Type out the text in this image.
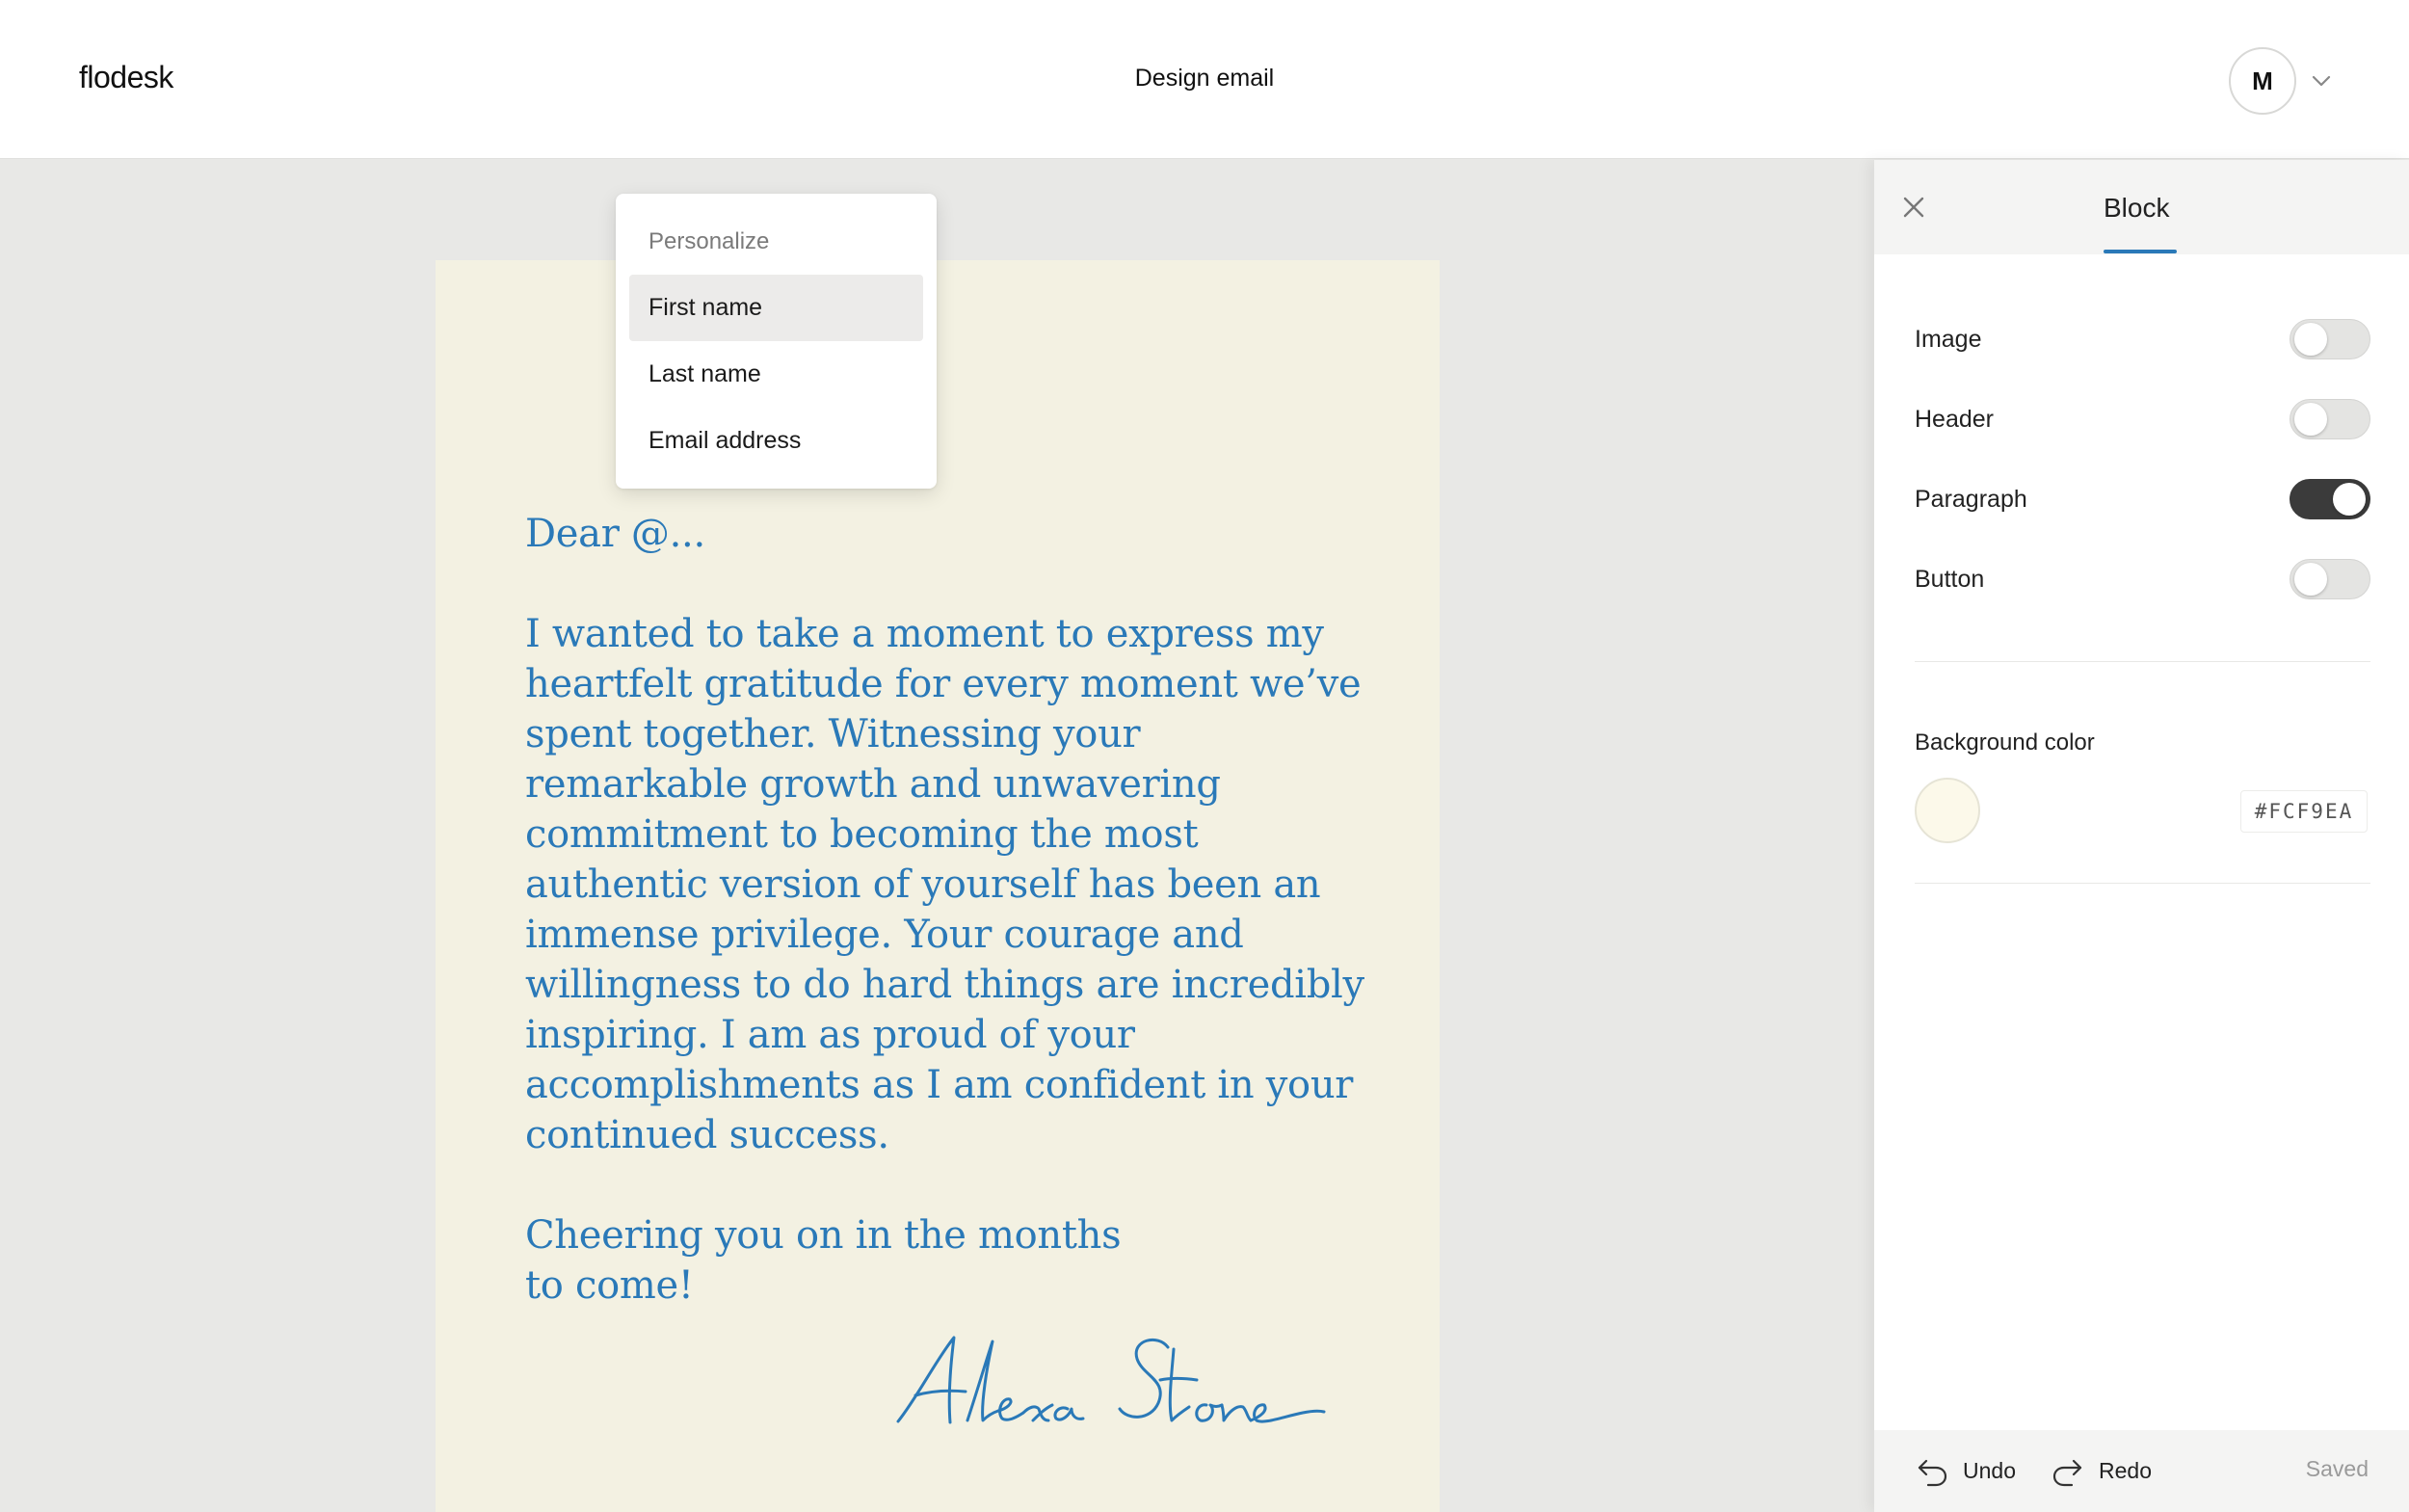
flodesk	Design email	M

Dear @...

I wanted to take a moment to express my heartfelt gratitude for every moment we’ve spent together. Witnessing your remarkable growth and unwavering commitment to becoming the most authentic version of yourself has been an immense privilege. Your courage and willingness to do hard things are incredibly inspiring. I am as proud of your accomplishments as I am confident in your continued success.

Cheering you on in the months
to come!

Personalize
First name
Last name
Email address
Block
Image
Header
Paragraph
Button
Background color
#FCF9EA
Undo	Redo	Saved
